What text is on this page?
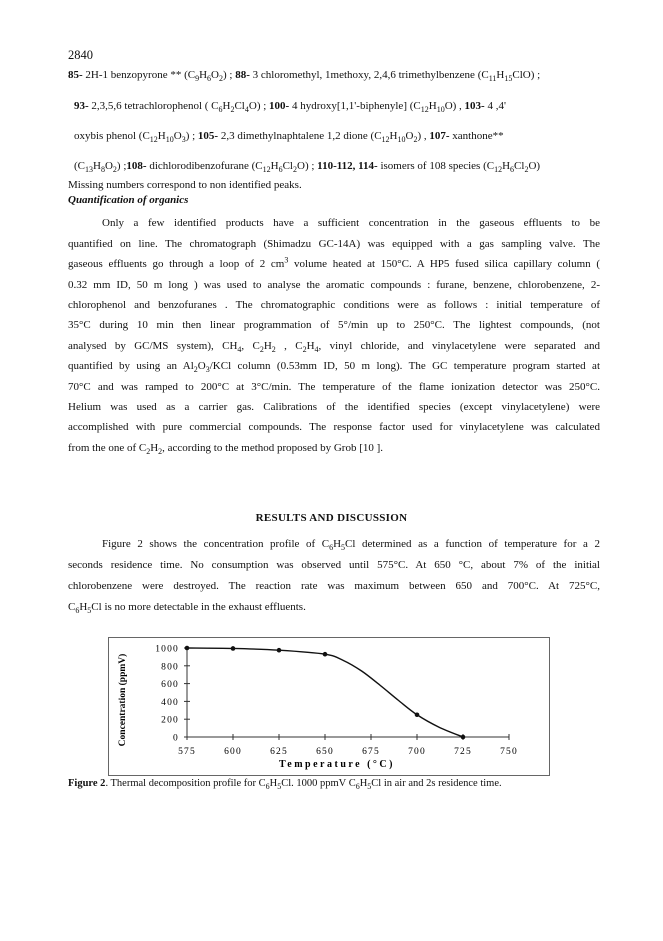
2840
85- 2H-1 benzopyrone ** $(C_9H_6O_2)$ ; 88- 3 chloromethyl, 1methoxy, 2,4,6 trimethylbenzene $(C_{11}H_{15}ClO)$ ;
93- 2,3,5,6 tetrachlorophenol ( $C_6H_2Cl_4O$) ; 100- 4 hydroxy[1,1'-biphenyle] $(C_{12}H_{10}O)$ , 103- 4 ,4'
oxybis phenol $(C_{12}H_{10}O_3)$ ; 105- 2,3 dimethylnaphtalene 1,2 dione $(C_{12}H_{10}O_2)$ , 107- xanthone**
$(C_{13}H_8O_2)$ ;108- dichlorodibenzofurane $(C_{12}H_6Cl_2O)$ ; 110-112, 114- isomers of 108 species $(C_{12}H_6Cl_2O)$
Missing numbers correspond to non identified peaks.
Quantification of organics
Only a few identified products have a sufficient concentration in the gaseous effluents to be
quantified on line. The chromatograph (Shimadzu GC-14A) was equipped with a gas sampling valve. The
gaseous effluents go through a loop of 2 $cm^3$ volume heated at 150°C. A HP5 fused silica capillary column (
0.32 mm ID, 50 m long ) was used to analyse the aromatic compounds : furane, benzene, chlorobenzene, 2-
chlorophenol and benzofuranes . The chromatographic conditions were as follows : initial temperature of
35°C during 10 min then linear programmation of 5°/min up to 250°C. The lightest compounds, (not
analysed by GC/MS system), $CH_4$, $C_2H_2$ , $C_2H_4$, vinyl chloride, and vinylacetylene were separated and
quantified by using an $Al_2O_3$/KCl column (0.53mm ID, 50 m long). The GC temperature program started at
70°C and was ramped to 200°C at 3°C/min. The temperature of the flame ionization detector was 250°C.
Helium was used as a carrier gas. Calibrations of the identified species (except vinylacetylene) were
accomplished with pure commercial compounds. The response factor used for vinylacetylene was calculated
from the one of $C_2H_2$, according to the method proposed by Grob [10 ].
RESULTS AND DISCUSSION
Figure 2 shows the concentration profile of $C_6H_5Cl$ determined as a function of temperature for a 2
seconds residence time. No consumption was observed until 575°C. At 650 °C, about 7% of the initial
chlorobenzene were destroyed. The reaction rate was maximum between 650 and 700°C. At 725°C,
$C_6H_5Cl$ is no more detectable in the exhaust effluents.
0
200
400
600
800
1000
575	600	625	650	675	700	725	750
Concentration (ppmV)
Temperature (°C)
Figure 2. Thermal decomposition profile for $C_6H_5Cl$. 1000 ppmV $C_6H_5Cl$ in air and 2s residence time.
